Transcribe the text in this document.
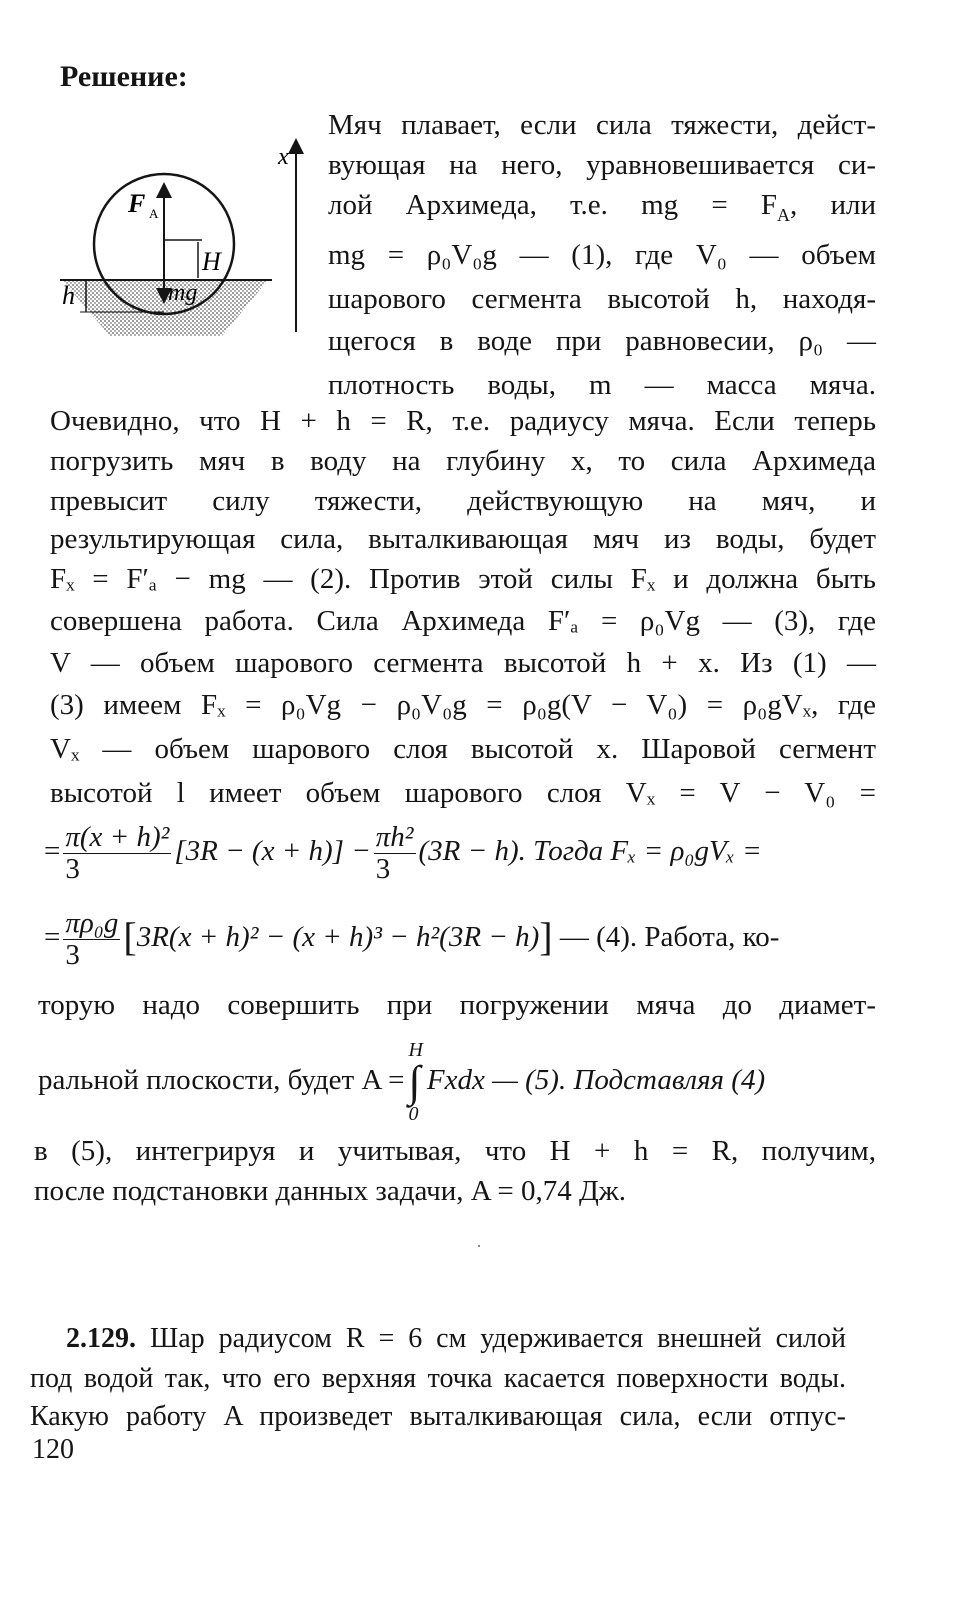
Решение:
F A
H
mg
h
x

Мяч плавает, если сила тяжести, дейст-

вующая на него, уравновешивается си-

лой Архимеда, т.е. mg = $F_A$, или

mg = ρ₀V₀g — (1), где V₀ — объем

шарового сегмента высотой h, находя-

щегося в воде при равновесии, ρ₀ —

плотность воды, m — масса мяча.

Очевидно, что H + h = R, т.е. радиусу мяча. Если теперь

погрузить мяч в воду на глубину x, то сила Архимеда

превысит силу тяжести, действующую на мяч, и

результирующая сила, выталкивающая мяч из воды, будет

Fₓ = F′ₐ − mg — (2). Против этой силы Fₓ и должна быть

совершена работа. Сила Архимеда F′ₐ = ρ₀Vg — (3), где

V — объем шарового сегмента высотой h + x. Из (1) —

(3) имеем Fₓ = ρ₀Vg − ρ₀V₀g = ρ₀g(V − V₀) = ρ₀gVₓ, где

Vₓ — объем шарового слоя высотой x. Шаровой сегмент

высотой l имеет объем шарового слоя Vₓ = V − V₀ =

= $\frac{\text{π(x + h)²}}{3} [3R - (x + h)] - \frac{\text{πh²}}{3} (3R - h)$. Тогда Fₓ = ρ₀gVₓ =

= $\frac{\text{πρ₀g}}{3} [3R(x + h)^2 - (x + h)^3 - h^2(3R - h)]$ — (4). Работа, ко-

торую надо совершить при погружении мяча до диамет-

ральной плоскости, будет A =H
∫
0Fxdx — (5). Подставляя (4)

в (5), интегрируя и учитывая, что H + h = R, получим,

после подстановки данных задачи, A = 0,74 Дж.

2.129. Шар радиусом R = 6 см удерживается внешней силой

под водой так, что его верхняя точка касается поверхности воды.

Какую работу A произведет выталкивающая сила, если отпус-

120
